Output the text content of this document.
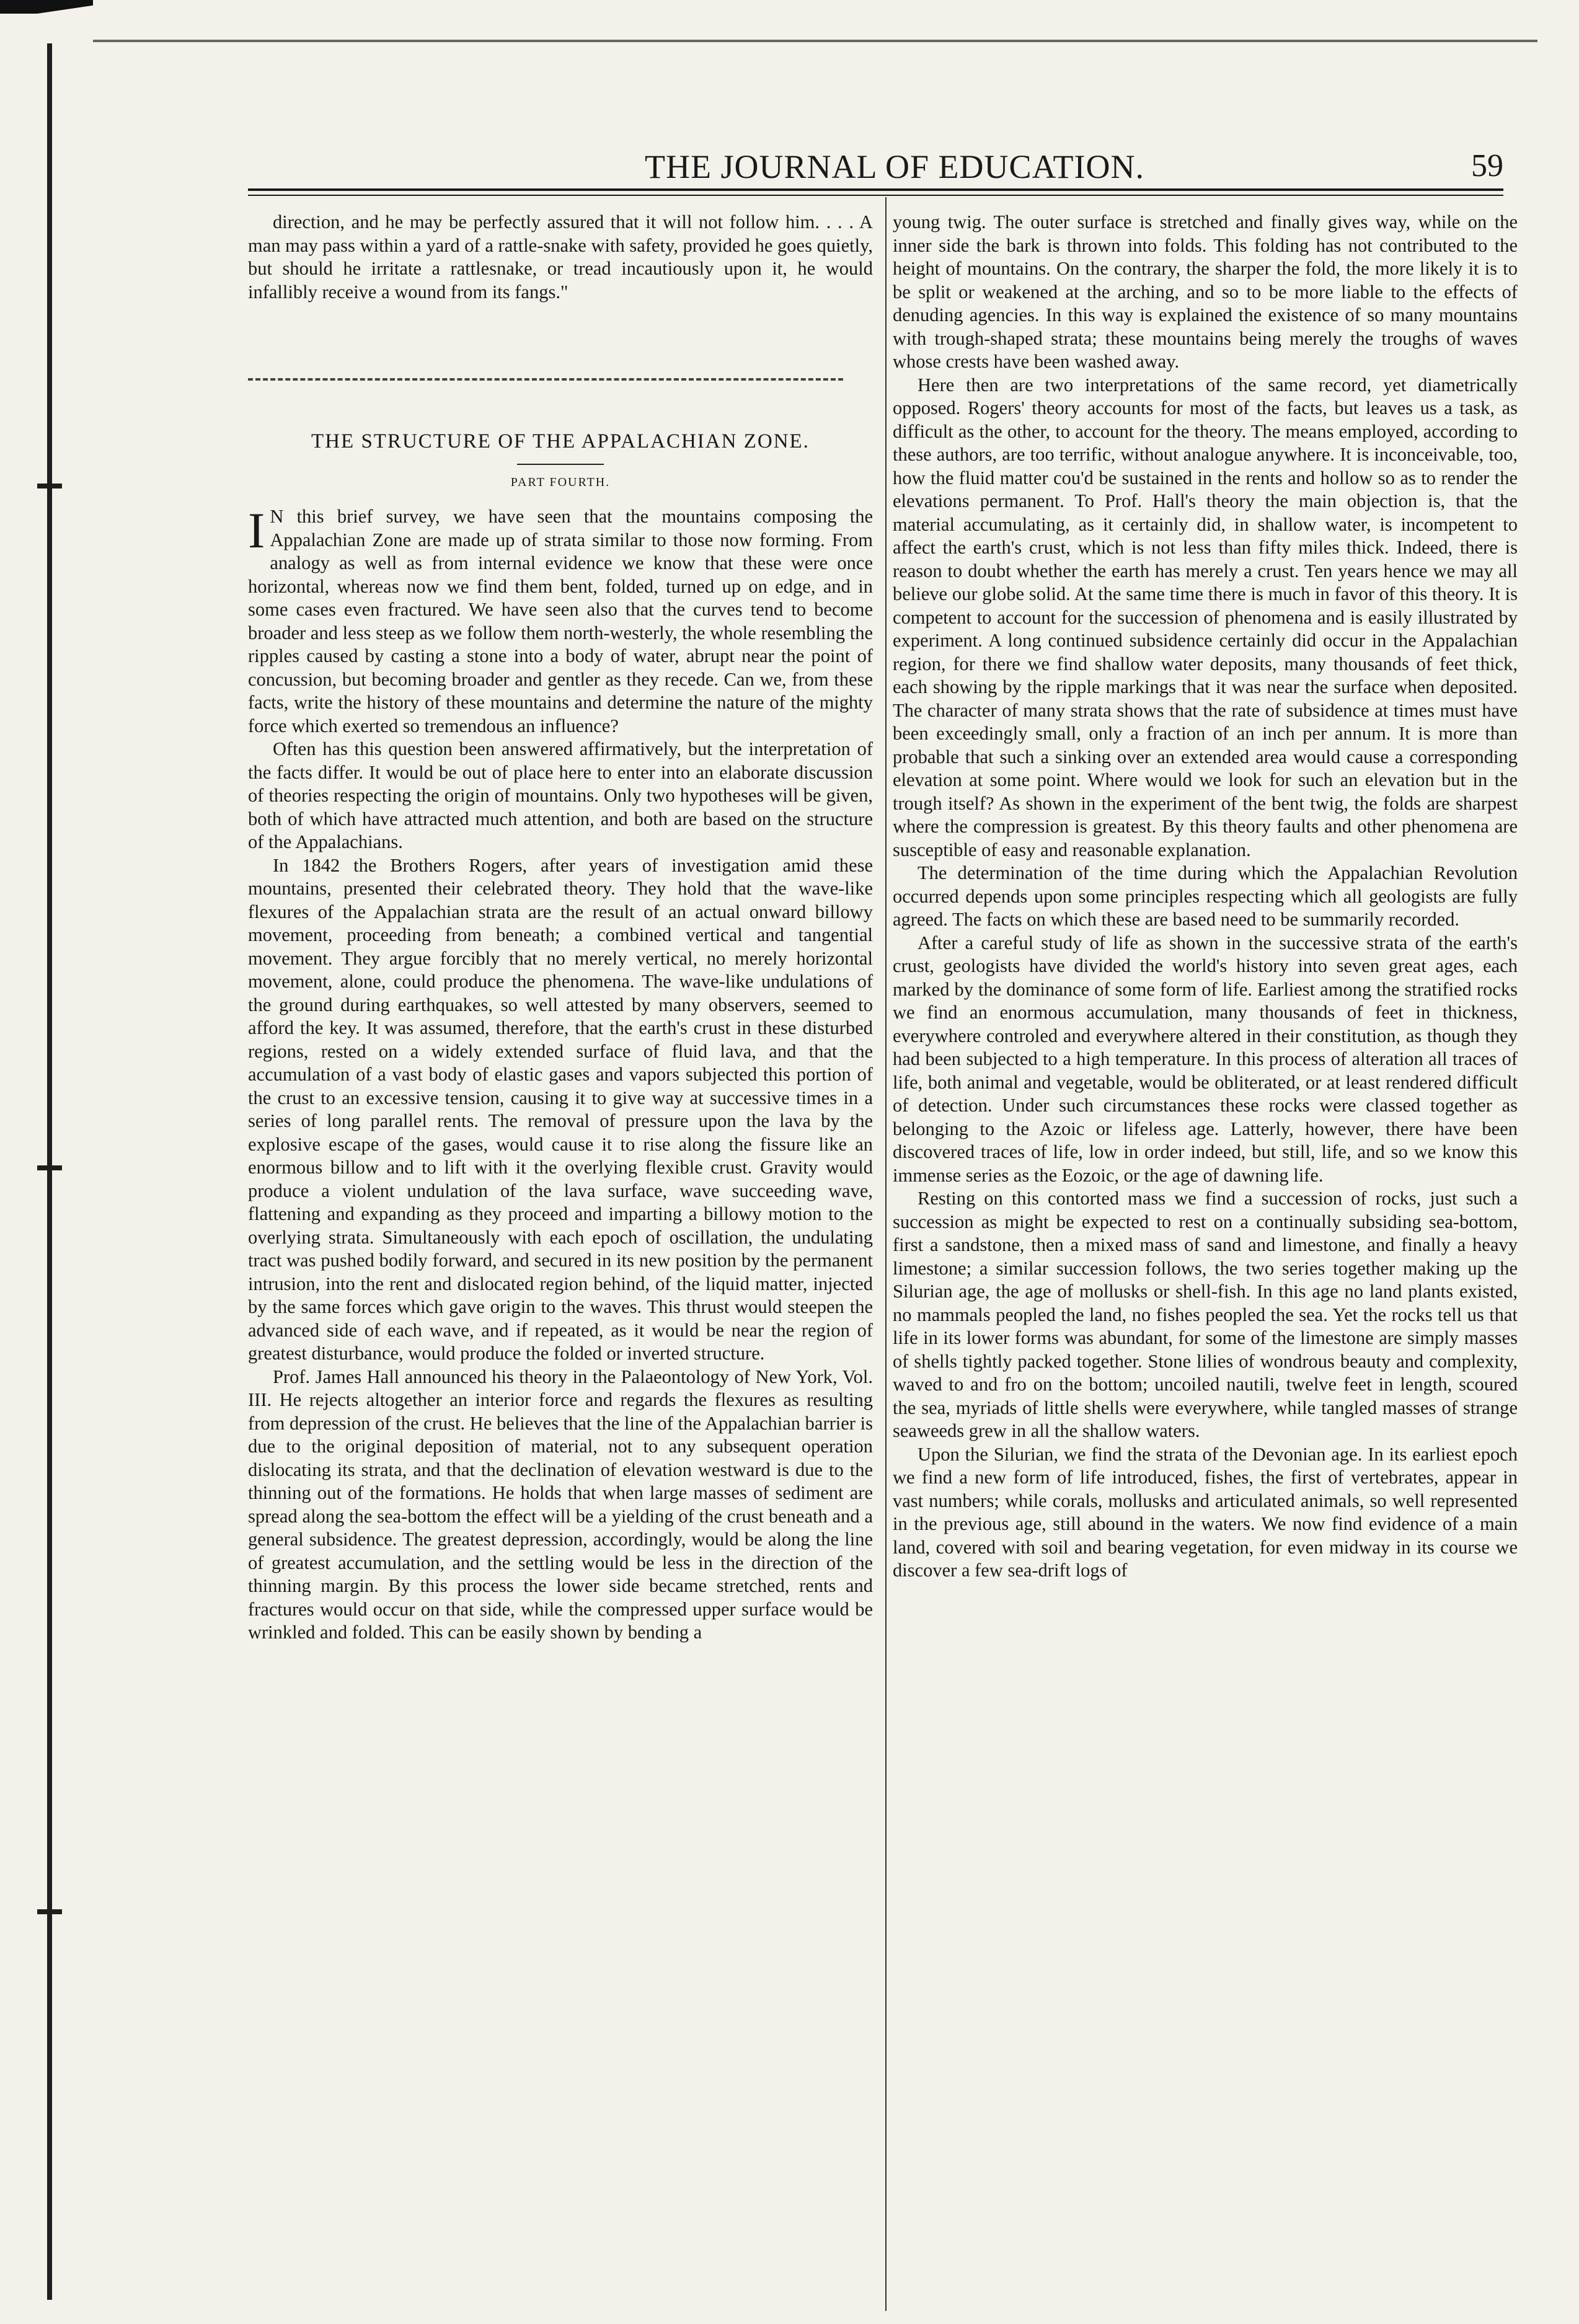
THE JOURNAL OF EDUCATION.	59

direction, and he may be perfectly assured that it will not follow him. . . . A man may pass within a yard of a rattle-snake with safety, provided he goes quietly, but should he irritate a rattlesnake, or tread incautiously upon it, he would infallibly receive a wound from its fangs."

THE STRUCTURE OF THE APPALACHIAN ZONE.
PART FOURTH.

I N this brief survey, we have seen that the mountains composing the Appalachian Zone are made up of strata similar to those now forming. From analogy as well as from internal evidence we know that these were once horizontal, whereas now we find them bent, folded, turned up on edge, and in some cases even fractured. We have seen also that the curves tend to become broader and less steep as we follow them north-westerly, the whole resembling the ripples caused by casting a stone into a body of water, abrupt near the point of concussion, but becoming broader and gentler as they recede. Can we, from these facts, write the history of these mountains and determine the nature of the mighty force which exerted so tremendous an influence?

Often has this question been answered affirmatively, but the interpretation of the facts differ. It would be out of place here to enter into an elaborate discussion of theories respecting the origin of mountains. Only two hypotheses will be given, both of which have attracted much attention, and both are based on the structure of the Appalachians.

In 1842 the Brothers Rogers, after years of investigation amid these mountains, presented their celebrated theory. They hold that the wave-like flexures of the Appalachian strata are the result of an actual onward billowy movement, proceeding from beneath; a combined vertical and tangential movement. They argue forcibly that no merely vertical, no merely horizontal movement, alone, could produce the phenomena. The wave-like undulations of the ground during earthquakes, so well attested by many observers, seemed to afford the key. It was assumed, therefore, that the earth's crust in these disturbed regions, rested on a widely extended surface of fluid lava, and that the accumulation of a vast body of elastic gases and vapors subjected this portion of the crust to an excessive tension, causing it to give way at successive times in a series of long parallel rents. The removal of pressure upon the lava by the explosive escape of the gases, would cause it to rise along the fissure like an enormous billow and to lift with it the overlying flexible crust. Gravity would produce a violent undulation of the lava surface, wave succeeding wave, flattening and expanding as they proceed and imparting a billowy motion to the overlying strata. Simultaneously with each epoch of oscillation, the undulating tract was pushed bodily forward, and secured in its new position by the permanent intrusion, into the rent and dislocated region behind, of the liquid matter, injected by the same forces which gave origin to the waves. This thrust would steepen the advanced side of each wave, and if repeated, as it would be near the region of greatest disturbance, would produce the folded or inverted structure.

Prof. James Hall announced his theory in the Palaeontology of New York, Vol. III. He rejects altogether an interior force and regards the flexures as resulting from depression of the crust. He believes that the line of the Appalachian barrier is due to the original deposition of material, not to any subsequent operation dislocating its strata, and that the declination of elevation westward is due to the thinning out of the formations. He holds that when large masses of sediment are spread along the sea-bottom the effect will be a yielding of the crust beneath and a general subsidence. The greatest depression, accordingly, would be along the line of greatest accumulation, and the settling would be less in the direction of the thinning margin. By this process the lower side became stretched, rents and fractures would occur on that side, while the compressed upper surface would be wrinkled and folded. This can be easily shown by bending a

young twig. The outer surface is stretched and finally gives way, while on the inner side the bark is thrown into folds. This folding has not contributed to the height of mountains. On the contrary, the sharper the fold, the more likely it is to be split or weakened at the arching, and so to be more liable to the effects of denuding agencies. In this way is explained the existence of so many mountains with trough-shaped strata; these mountains being merely the troughs of waves whose crests have been washed away.

Here then are two interpretations of the same record, yet diametrically opposed. Rogers' theory accounts for most of the facts, but leaves us a task, as difficult as the other, to account for the theory. The means employed, according to these authors, are too terrific, without analogue anywhere. It is inconceivable, too, how the fluid matter cou'd be sustained in the rents and hollow so as to render the elevations permanent. To Prof. Hall's theory the main objection is, that the material accumulating, as it certainly did, in shallow water, is incompetent to affect the earth's crust, which is not less than fifty miles thick. Indeed, there is reason to doubt whether the earth has merely a crust. Ten years hence we may all believe our globe solid. At the same time there is much in favor of this theory. It is competent to account for the succession of phenomena and is easily illustrated by experiment. A long continued subsidence certainly did occur in the Appalachian region, for there we find shallow water deposits, many thousands of feet thick, each showing by the ripple markings that it was near the surface when deposited. The character of many strata shows that the rate of subsidence at times must have been exceedingly small, only a fraction of an inch per annum. It is more than probable that such a sinking over an extended area would cause a corresponding elevation at some point. Where would we look for such an elevation but in the trough itself? As shown in the experiment of the bent twig, the folds are sharpest where the compression is greatest. By this theory faults and other phenomena are susceptible of easy and reasonable explanation.

The determination of the time during which the Appalachian Revolution occurred depends upon some principles respecting which all geologists are fully agreed. The facts on which these are based need to be summarily recorded.

After a careful study of life as shown in the successive strata of the earth's crust, geologists have divided the world's history into seven great ages, each marked by the dominance of some form of life. Earliest among the stratified rocks we find an enormous accumulation, many thousands of feet in thickness, everywhere controled and everywhere altered in their constitution, as though they had been subjected to a high temperature. In this process of alteration all traces of life, both animal and vegetable, would be obliterated, or at least rendered difficult of detection. Under such circumstances these rocks were classed together as belonging to the Azoic or lifeless age. Latterly, however, there have been discovered traces of life, low in order indeed, but still, life, and so we know this immense series as the Eozoic, or the age of dawning life.

Resting on this contorted mass we find a succession of rocks, just such a succession as might be expected to rest on a continually subsiding sea-bottom, first a sandstone, then a mixed mass of sand and limestone, and finally a heavy limestone; a similar succession follows, the two series together making up the Silurian age, the age of mollusks or shell-fish. In this age no land plants existed, no mammals peopled the land, no fishes peopled the sea. Yet the rocks tell us that life in its lower forms was abundant, for some of the limestone are simply masses of shells tightly packed together. Stone lilies of wondrous beauty and complexity, waved to and fro on the bottom; uncoiled nautili, twelve feet in length, scoured the sea, myriads of little shells were everywhere, while tangled masses of strange seaweeds grew in all the shallow waters.

Upon the Silurian, we find the strata of the Devonian age. In its earliest epoch we find a new form of life introduced, fishes, the first of vertebrates, appear in vast numbers; while corals, mollusks and articulated animals, so well represented in the previous age, still abound in the waters. We now find evidence of a main land, covered with soil and bearing vegetation, for even midway in its course we discover a few sea-drift logs of
